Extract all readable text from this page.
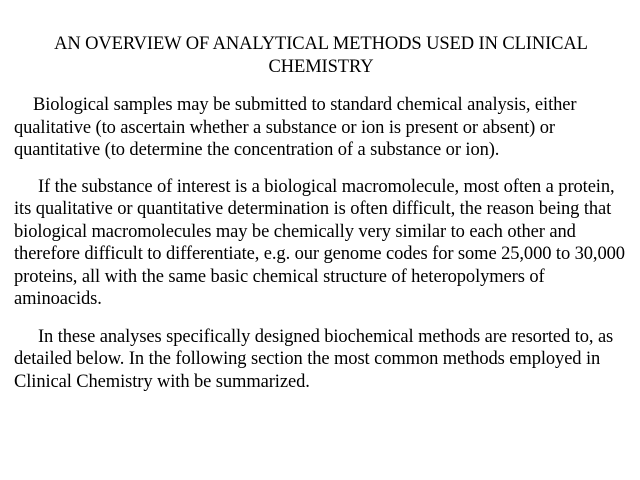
AN OVERVIEW OF ANALYTICAL METHODS USED IN CLINICAL CHEMISTRY

Biological samples may be submitted to standard chemical analysis, either qualitative (to ascertain whether a substance or ion is present or absent) or quantitative (to determine the concentration of a substance or ion).

If the substance of interest is a biological macromolecule, most often a protein, its qualitative or quantitative determination is often difficult, the reason being that biological macromolecules may be chemically very similar to each other and therefore difficult to differentiate, e.g. our genome codes for some 25,000 to 30,000 proteins, all with the same basic chemical structure of heteropolymers of aminoacids.

In these analyses specifically designed biochemical methods are resorted to, as detailed below. In the following section the most common methods employed in Clinical Chemistry with be summarized.
